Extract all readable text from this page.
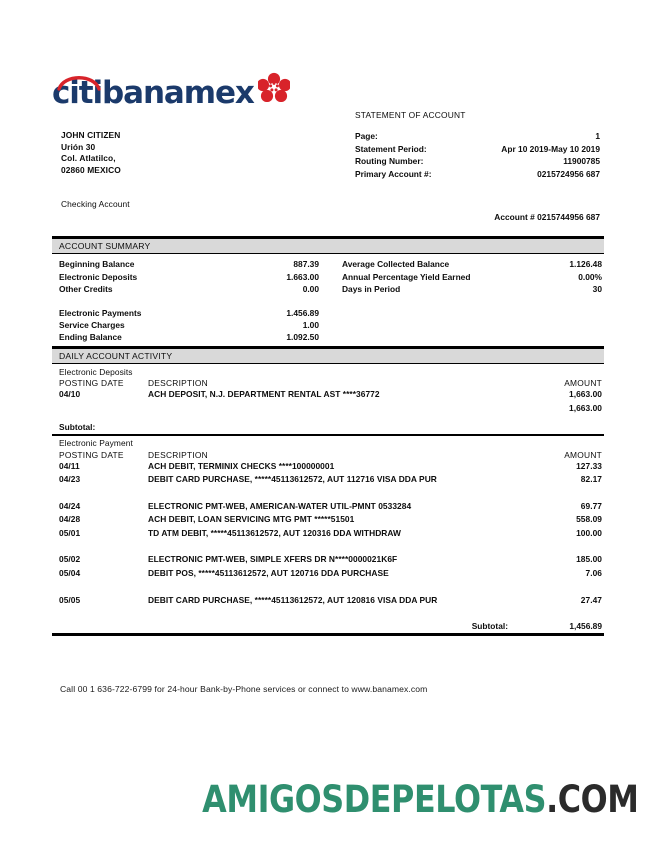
citibanamex
JOHN CITIZEN
Urión 30
Col. Atlatilco,
02860 MEXICO
Checking Account
STATEMENT OF ACCOUNT
Page:	1
Statement Period:	Apr 10 2019-May 10 2019
Routing Number:	11900785
Primary Account #:	0215724956 687
Account # 0215744956 687
ACCOUNT SUMMARY
Beginning Balance	887.39	Average Collected Balance	1.126.48
Electronic Deposits	1.663.00	Annual Percentage Yield Earned	0.00%
Other Credits	0.00	Days in Period	30
Electronic Payments	1.456.89
Service Charges	1.00
Ending Balance	1.092.50
DAILY ACCOUNT ACTIVITY
Electronic Deposits
POSTING DATE	DESCRIPTION	AMOUNT
04/10	ACH DEPOSIT, N.J. DEPARTMENT RENTAL AST ****36772	1,663.00
1,663.00
Subtotal:
Electronic Payment
POSTING DATE	DESCRIPTION	AMOUNT
04/11	ACH DEBIT, TERMINIX CHECKS ****100000001	127.33
04/23	DEBIT CARD PURCHASE, *****45113612572, AUT 112716 VISA DDA PUR	82.17
04/24	ELECTRONIC PMT-WEB, AMERICAN-WATER UTIL-PMNT 0533284	69.77
04/28	ACH DEBIT, LOAN SERVICING MTG PMT *****51501	558.09
05/01	TD ATM DEBIT, *****45113612572, AUT 120316 DDA WITHDRAW	100.00
05/02	ELECTRONIC PMT-WEB, SIMPLE XFERS DR N****0000021K6F	185.00
05/04	DEBIT POS, *****45113612572, AUT 120716 DDA PURCHASE	7.06
05/05	DEBIT CARD PURCHASE, *****45113612572, AUT 120816 VISA DDA PUR	27.47
Subtotal:	1,456.89
Call 00 1 636-722-6799 for 24-hour Bank-by-Phone services or connect to www.banamex.com
AMIGOSDEPELOTAS.COM
